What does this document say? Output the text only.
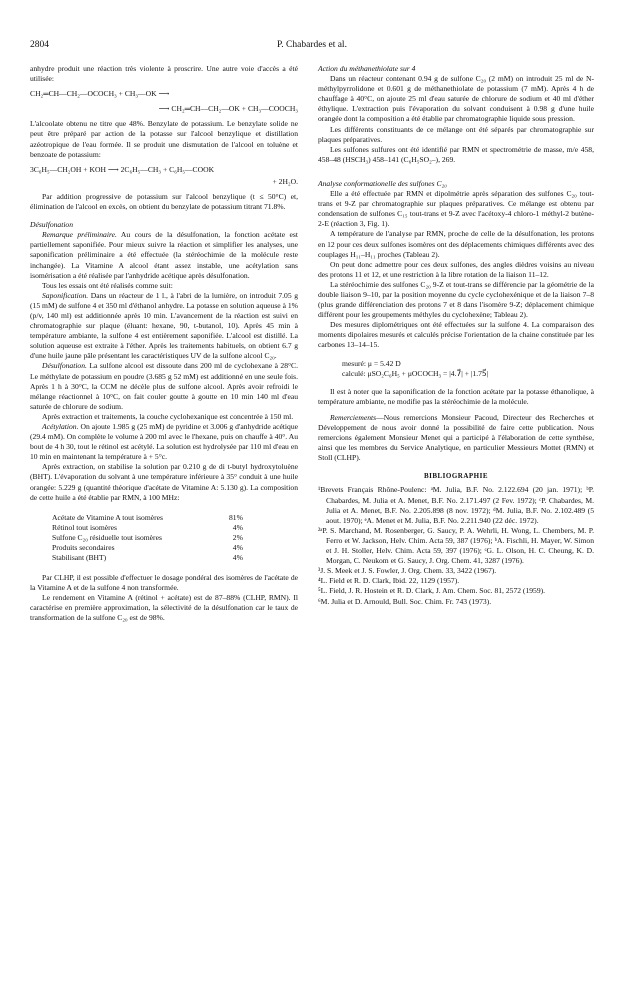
2804	P. Chabardes et al.

anhydre produit une réaction très violente à proscrire. Une autre voie d'accès a été utilisée:

CH₂═CH—CH₂—OCOCH₃ + CH₃—OK ⟶

⟶ CH₂═CH—CH₂—OK + CH₃—COOCH₃

L'alcoolate obtenu ne titre que 48%. Benzylate de potassium. Le benzylate solide ne peut être préparé par action de la potasse sur l'alcool benzylique et distillation azéotropique de l'eau formée. Il se produit une dismutation de l'alcool en toluène et benzoate de potassium:

3C₆H₅—CH₂OH + KOH ⟶ 2C₆H₅—CH₃ + C₆H₅—COOK

+ 2H₂O.

Par addition progressive de potassium sur l'alcool benzylique (t ≤ 50°C) et, élimination de l'alcool en excès, on obtient du benzylate de potassium titrant 71.8%.

Désulfonation

Remarque préliminaire. Au cours de la désulfonation, la fonction acétate est partiellement saponifiée. Pour mieux suivre la réaction et simplifier les analyses, une saponification préliminaire a été effectuée (la stéréochimie de la molécule reste inchangée). La Vitamine A alcool étant assez instable, une acétylation sans isomérisation a été réalisée par l'anhydride acétique après désulfonation.

Tous les essais ont été réalisés comme suit:

Saponification. Dans un réacteur de 1 l., à l'abri de la lumière, on introduit 7.05 g (15 mM) de sulfone 4 et 350 ml d'éthanol anhydre. La potasse en solution aqueuse à 1% (p/v, 140 ml) est additionnée après 10 min. L'avancement de la réaction est suivi en chromatographie sur plaque (éluant: hexane, 90, t-butanol, 10). Après 45 min à température ambiante, la sulfone 4 est entièrement saponifiée. L'alcool est distillé. La solution aqueuse est extraite à l'éther. Après les traitements habituels, on obtient 6.7 g d'une huile jaune pâle présentant les caractéristiques UV de la sulfone alcool C₂₀.

Désulfonation. La sulfone alcool est dissoute dans 200 ml de cyclohexane à 28°C. Le méthylate de potassium en poudre (3.685 g 52 mM) est additionné en une seule fois. Après 1 h à 30°C, la CCM ne décèle plus de sulfone alcool. Après avoir refroidi le mélange réactionnel à 10°C, on fait couler goutte à goutte en 10 min 140 ml d'eau saturée de chlorure de sodium.

Après extraction et traitements, la couche cyclohexanique est concentrée à 150 ml.

Acétylation. On ajoute 1.985 g (25 mM) de pyridine et 3.006 g d'anhydride acétique (29.4 mM). On complète le volume à 200 ml avec le l'hexane, puis on chauffe à 40°. Au bout de 4 h 30, tout le rétinol est acétylé. La solution est hydrolysée par 110 ml d'eau en 10 min en maintenant la température à + 5°c.

Après extraction, on stabilise la solution par 0.210 g de di t-butyl hydroxytoluène (BHT). L'évaporation du solvant à une température inférieure à 35° conduit à une huile orangée: 5.229 g (quantité théorique d'acétate de Vitamine A: 5.130 g). La composition de cette huile a été établie par RMN, à 100 MHz:

Acétate de Vitamine A tout isomères	81%
Rétinol tout isomères	4%
Sulfone C₂₀ résiduelle tout isomères	2%
Produits secondaires	4%
Stabilisant (BHT)	4%

Par CLHP, il est possible d'effectuer le dosage pondéral des isomères de l'acétate de la Vitamine A et de la sulfone 4 non transformée.

Le rendement en Vitamine A (rétinol + acétate) est de 87–88% (CLHP, RMN). Il caractérise en première approximation, la sélectivité de la désulfonation car le taux de transformation de la sulfone C₂₀ est de 98%.

Action du méthanethiolate sur 4

Dans un réacteur contenant 0.94 g de sulfone C₂₀ (2 mM) on introduit 25 ml de N-méthylpyrrolidone et 0.601 g de méthanethiolate de potassium (7 mM). Après 4 h de chauffage à 40°C, on ajoute 25 ml d'eau saturée de chlorure de sodium et 40 ml d'éther éthylique. L'extraction puis l'évaporation du solvant conduisent à 0.98 g d'une huile orangée dont la composition a été établie par chromatographie liquide sous pression.

Les différents constituants de ce mélange ont été séparés par chromatographie sur plaques préparatives.

Les sulfones sulfures ont été identifié par RMN et spectrométrie de masse, m/e 458, 458–48 (HSCH₃) 458–141 (C₆H₅SO₂–), 269.

Analyse conformationelle des sulfones C₂₀

Elle a été effectuée par RMN et dipolmétrie après séparation des sulfones C₂₀ tout-trans et 9-Z par chromatographie sur plaques préparatives. Ce mélange est obtenu par condensation de sulfones C₁₅ tout-trans et 9-Z avec l'acétoxy-4 chloro-1 méthyl-2 butène-2-E (réaction 3, Fig. 1).

A température de l'analyse par RMN, proche de celle de la désulfonation, les protons en 12 pour ces deux sulfones isomères ont des déplacements chimiques différents avec des couplages H₁₁–H₁₁ proches (Tableau 2).

On peut donc admettre pour ces deux sulfones, des angles dièdres voisins au niveau des protons 11 et 12, et une restriction à la libre rotation de la liaison 11–12.

La stéréochimie des sulfones C₂₀ 9-Z et tout-trans se différencie par la géométrie de la double liaison 9–10, par la position moyenne du cycle cyclohexénique et de la liaison 7–8 (plus grande différenciation des protons 7 et 8 dans l'isomère 9-Z; déplacement chimique différent pour les groupements méthyles du cyclohexène; Tableau 2).

Des mesures diplométriques ont été effectuées sur la sulfone 4. La comparaison des moments dipolaires mesurés et calculés précise l'orientation de la chaine constituée par les carbones 13–14–15.

mesuré: μ = 5.42 D

calculé: μSO₂C₆H₅ + μOCOCH₃ = |4.7⃗| + |1.75⃗|

Il est à noter que la saponification de la fonction acétate par la potasse éthanolique, à température ambiante, ne modifie pas la stéréochimie de la molécule.

Remerciements—Nous remercions Monsieur Pacoud, Directeur des Recherches et Développement de nous avoir donné la possibilité de faire cette publication. Nous remercions également Monsieur Menet qui a participé à l'élaboration de cette synthèse, ainsi que les membres du Service Analytique, en particulier Messieurs Mottet (RMN) et Stoll (CLHP).

BIBLIOGRAPHIE

¹Brevets Français Rhône-Poulenc: ᵃM. Julia, B.F. No. 2.122.694 (20 jan. 1971); ᵇP. Chabardes, M. Julia et A. Menet, B.F. No. 2.171.497 (2 Fev. 1972); ᶜP. Chabardes, M. Julia et A. Menet, B.F. No. 2.205.898 (8 nov. 1972); ᵈM. Julia, B.F. No. 2.102.489 (5 aout. 1970); ᵉA. Menet et M. Julia, B.F. No. 2.211.940 (22 déc. 1972).

²ᵃP. S. Marchand, M. Rosenberger, G. Saucy, P. A. Wehrli, H. Wong, L. Chembers, M. P. Ferro et W. Jackson, Helv. Chim. Acta 59, 387 (1976); ᵇA. Fischli, H. Mayer, W. Simon et J. H. Stoller, Helv. Chim. Acta 59, 397 (1976); ᶜG. L. Olson, H. C. Cheung, K. D. Morgan, C. Neukom et G. Saucy, J. Org. Chem. 41, 3287 (1976).

³J. S. Meek et J. S. Fowler, J. Org. Chem. 33, 3422 (1967).

⁴L. Field et R. D. Clark, Ibid. 22, 1129 (1957).

⁵L. Field, J. R. Hostein et R. D. Clark, J. Am. Chem. Soc. 81, 2572 (1959).

⁶M. Julia et D. Arnould, Bull. Soc. Chim. Fr. 743 (1973).
